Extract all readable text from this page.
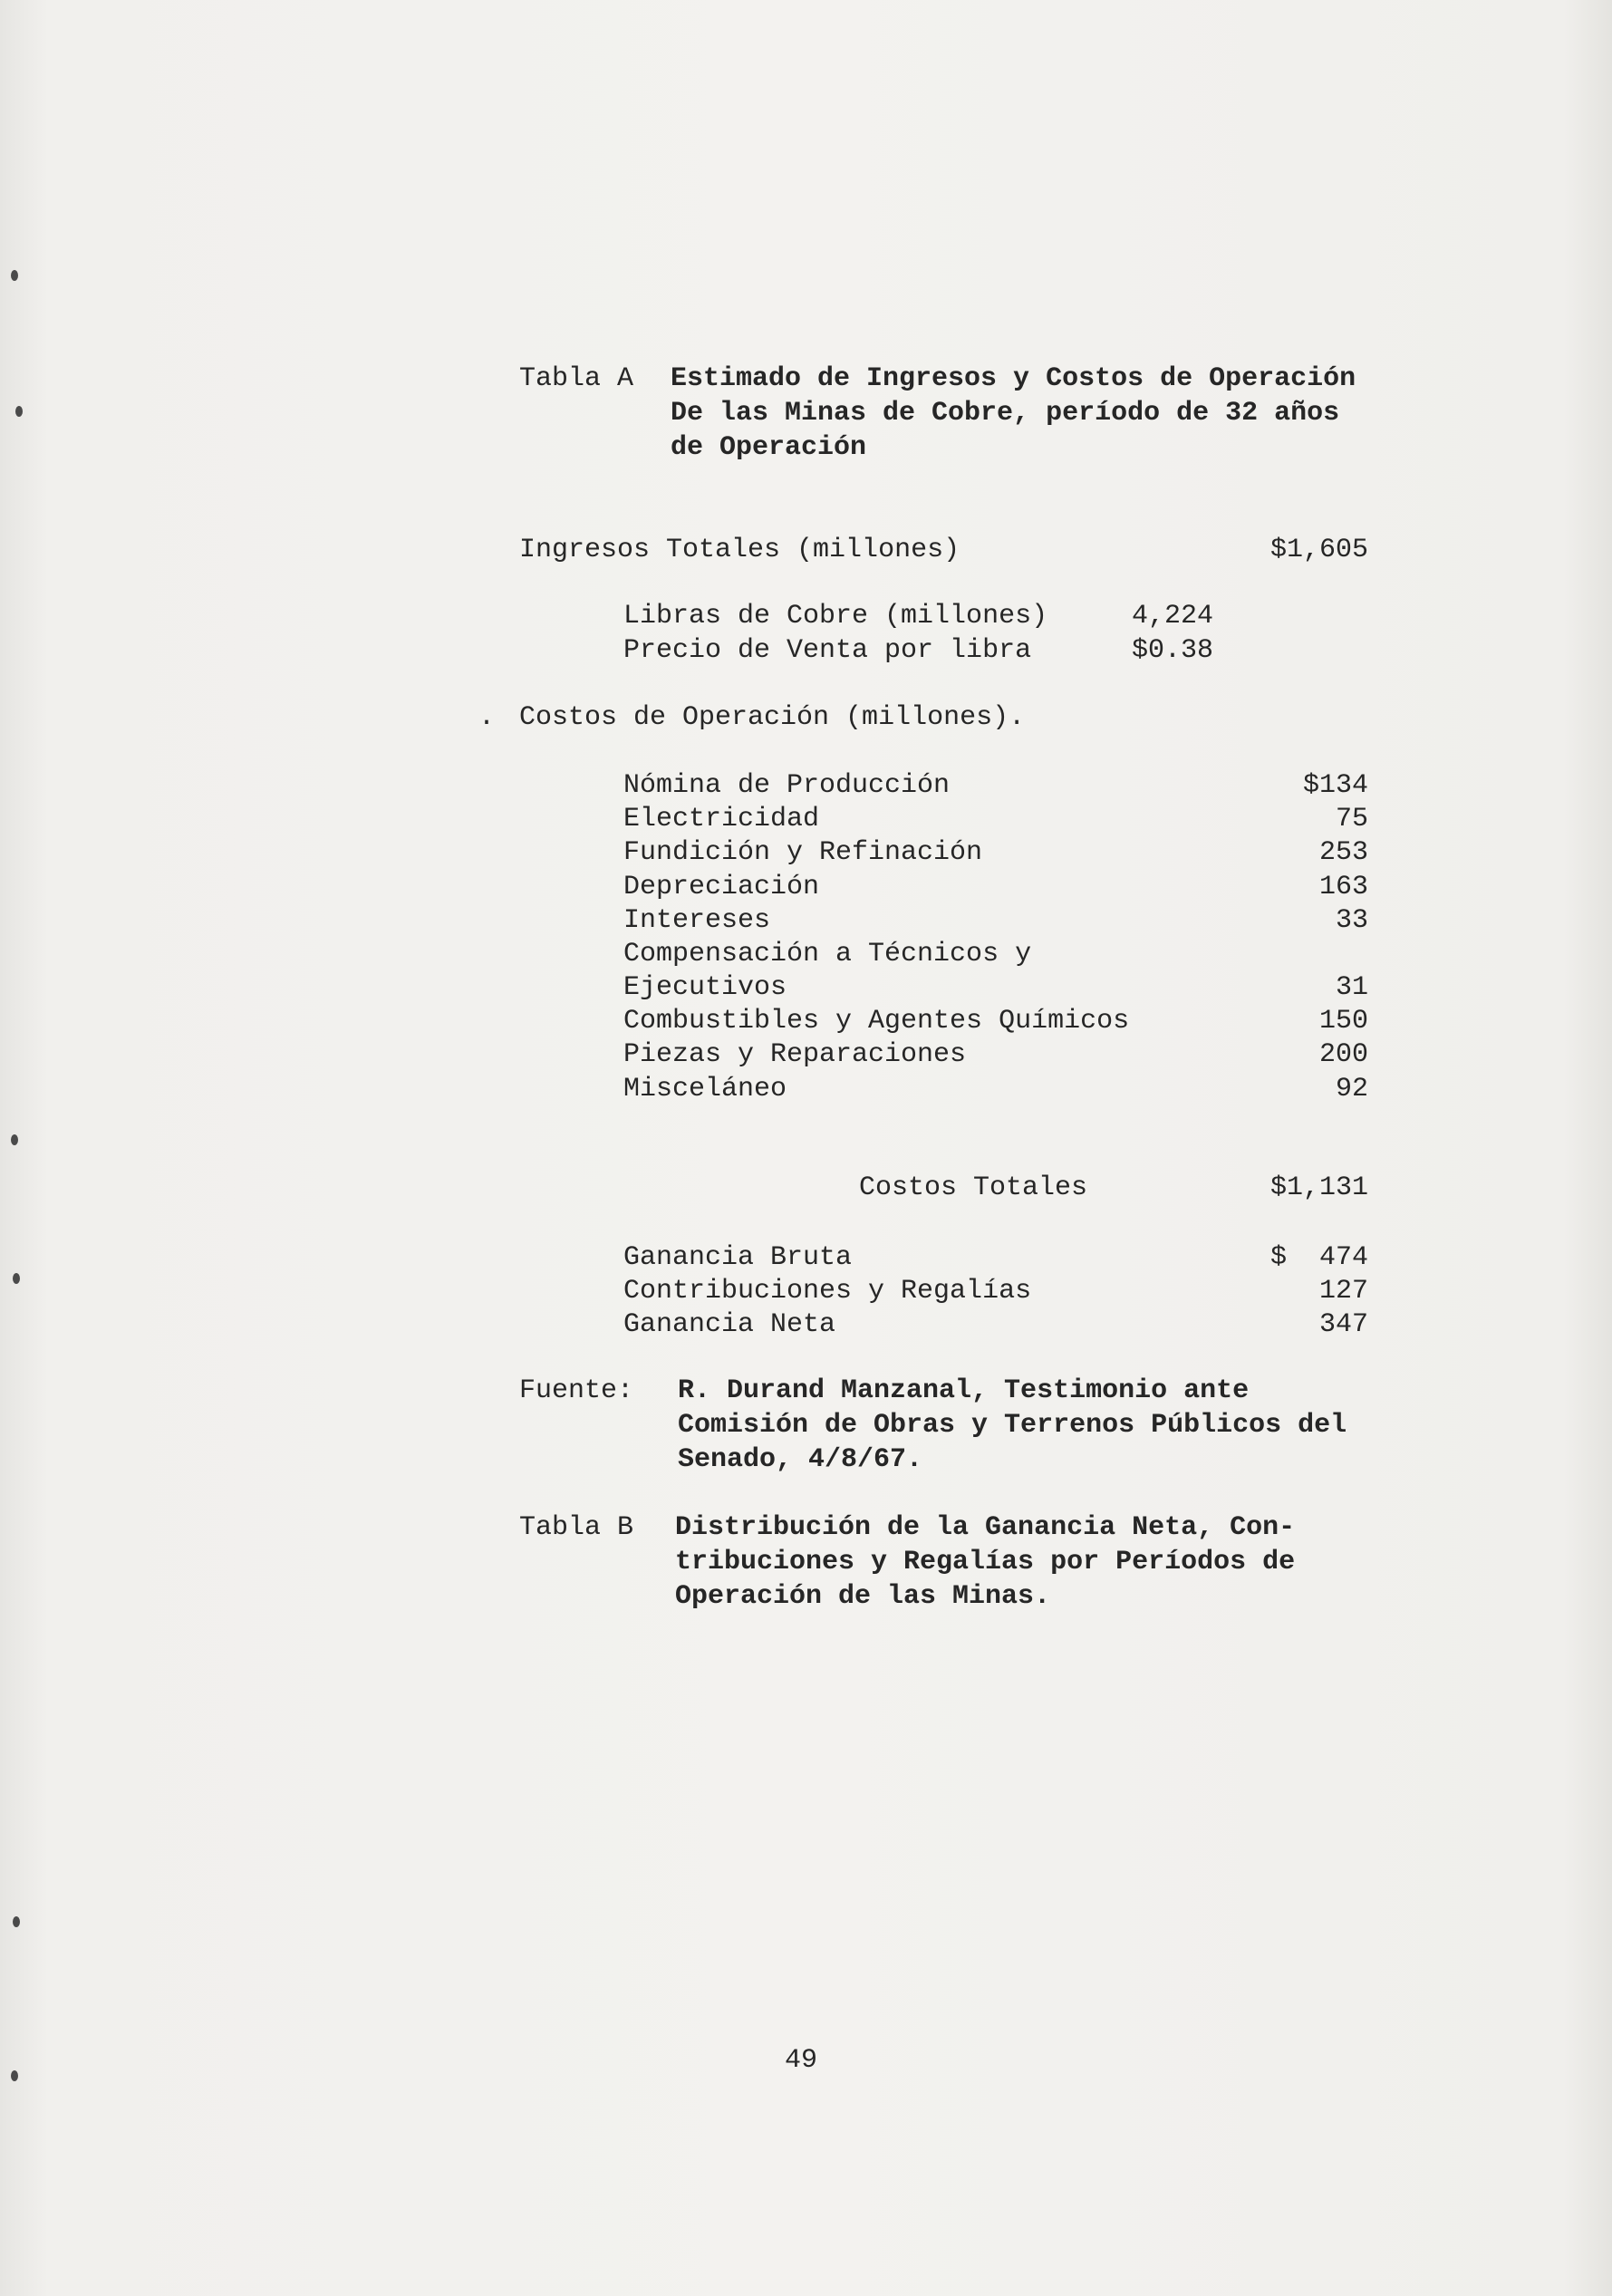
Tabla A Estimado de Ingresos y Costos de Operación
De las Minas de Cobre, período de 32 años
de Operación
Ingresos Totales (millones)	$1,605
Libras de Cobre (millones)	4,224
Precio de Venta por libra	$0.38
. Costos de Operación (millones).
Nómina de Producción	$134
Electricidad	75
Fundición y Refinación	253
Depreciación	163
Intereses	33
Compensación a Técnicos y
Ejecutivos	31
Combustibles y Agentes Químicos	150
Piezas y Reparaciones	200
Misceláneo	92
Costos Totales	$1,131
Ganancia Bruta	$  474
Contribuciones y Regalías	127
Ganancia Neta	347
Fuente: R. Durand Manzanal, Testimonio ante
Comisión de Obras y Terrenos Públicos del
Senado, 4/8/67.
Tabla B Distribución de la Ganancia Neta, Con-
tribuciones y Regalías por Períodos de
Operación de las Minas.
49
